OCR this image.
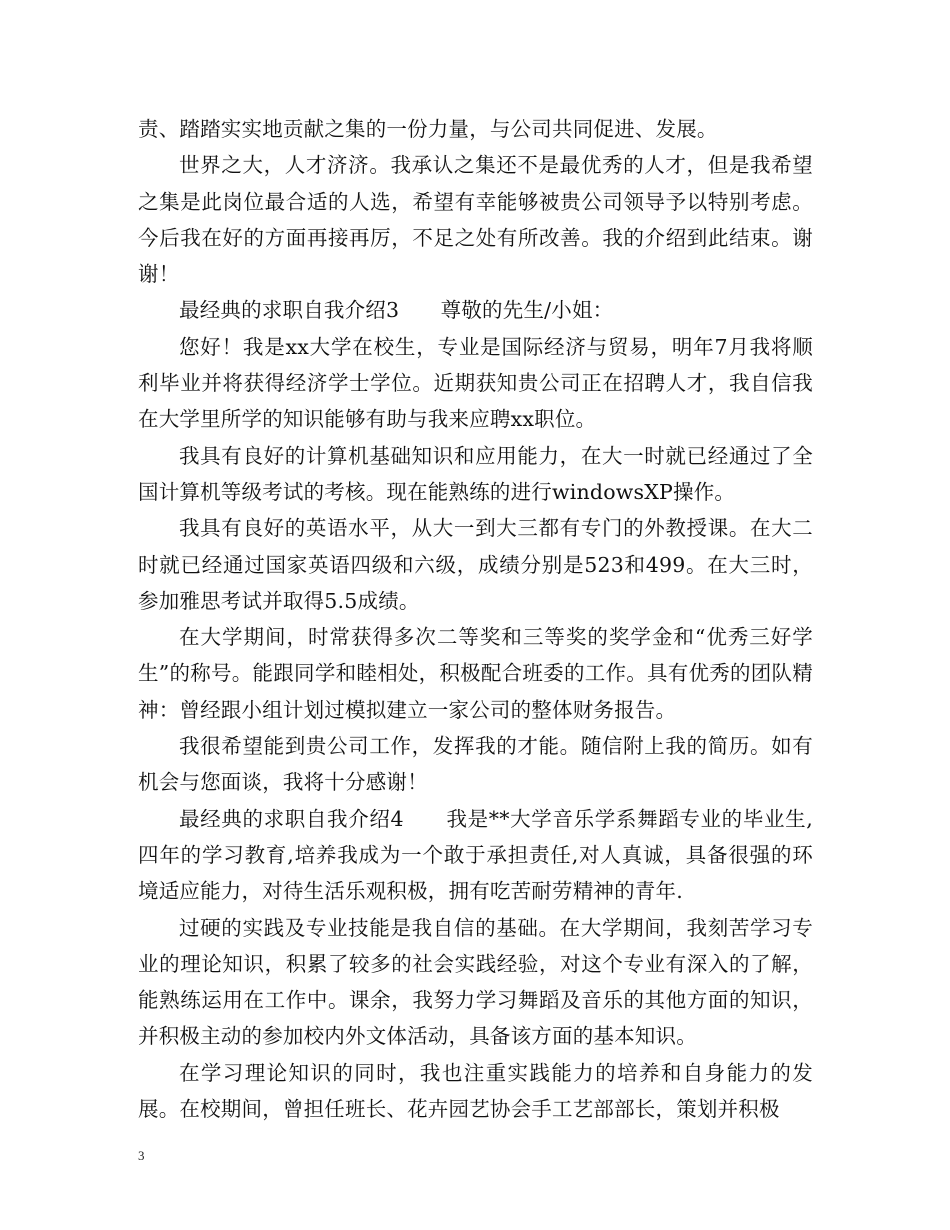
责、踏踏实实地贡献之集的一份力量，与公司共同促进、发展。

世界之大，人才济济。我承认之集还不是最优秀的人才，但是我希望之集是此岗位最合适的人选，希望有幸能够被贵公司领导予以特别考虑。今后我在好的方面再接再厉，不足之处有所改善。我的介绍到此结束。谢谢！

最经典的求职自我介绍3　　尊敬的先生/小姐：

您好！我是xx大学在校生，专业是国际经济与贸易，明年7月我将顺利毕业并将获得经济学士学位。近期获知贵公司正在招聘人才，我自信我在大学里所学的知识能够有助与我来应聘xx职位。

我具有良好的计算机基础知识和应用能力，在大一时就已经通过了全国计算机等级考试的考核。现在能熟练的进行windowsXP操作。

我具有良好的英语水平，从大一到大三都有专门的外教授课。在大二时就已经通过国家英语四级和六级，成绩分别是523和499。在大三时，参加雅思考试并取得5.5成绩。

在大学期间，时常获得多次二等奖和三等奖的奖学金和“优秀三好学生”的称号。能跟同学和睦相处，积极配合班委的工作。具有优秀的团队精神：曾经跟小组计划过模拟建立一家公司的整体财务报告。

我很希望能到贵公司工作，发挥我的才能。随信附上我的简历。如有机会与您面谈，我将十分感谢！

最经典的求职自我介绍4　　我是**大学音乐学系舞蹈专业的毕业生,四年的学习教育,培养我成为一个敢于承担责任,对人真诚，具备很强的环境适应能力，对待生活乐观积极，拥有吃苦耐劳精神的青年.

过硬的实践及专业技能是我自信的基础。在大学期间，我刻苦学习专业的理论知识，积累了较多的社会实践经验，对这个专业有深入的了解，能熟练运用在工作中。课余，我努力学习舞蹈及音乐的其他方面的知识，并积极主动的参加校内外文体活动，具备该方面的基本知识。

在学习理论知识的同时，我也注重实践能力的培养和自身能力的发展。在校期间，曾担任班长、花卉园艺协会手工艺部部长，策划并积极

3
